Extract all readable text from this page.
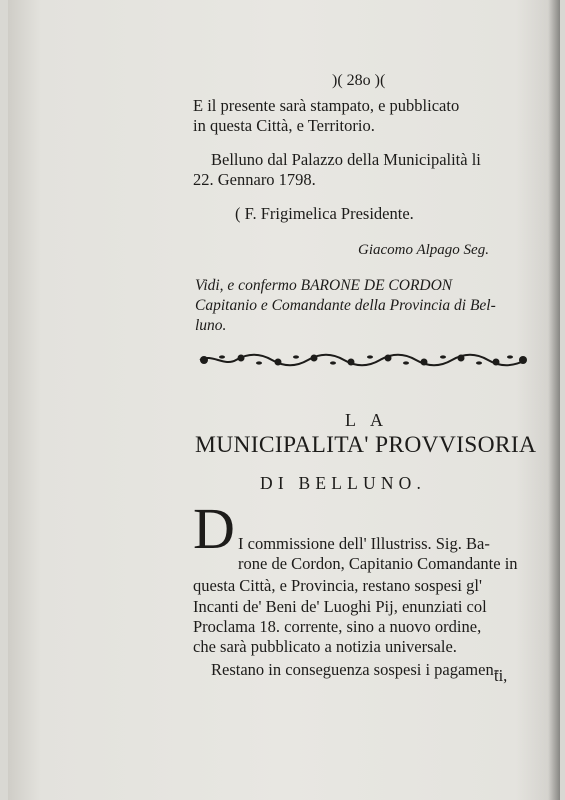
)( 28o )(
E il presente sarà stampato, e pubblicato
in questa Città, e Territorio.
Belluno dal Palazzo della Municipalità li
22. Gennaro 1798.
( F. Frigimelica Presidente.
Giacomo Alpago Seg.
Vidi, e confermo BARONE DE CORDON
Capitanio e Comandante della Provincia di Bel-
luno.
LA
MUNICIPALITA' PROVVISORIA
DI BELLUNO.
D I commissione dell' Illustriss. Sig. Ba-
rone de Cordon, Capitanio Comandante in
questa Città, e Provincia, restano sospesi gl'
Incanti de' Beni de' Luoghi Pij, enunziati col
Proclama 18. corrente, sino a nuovo ordine,
che sarà pubblicato a notizia universale.
Restano in conseguenza sospesi i pagamen-
ti,
